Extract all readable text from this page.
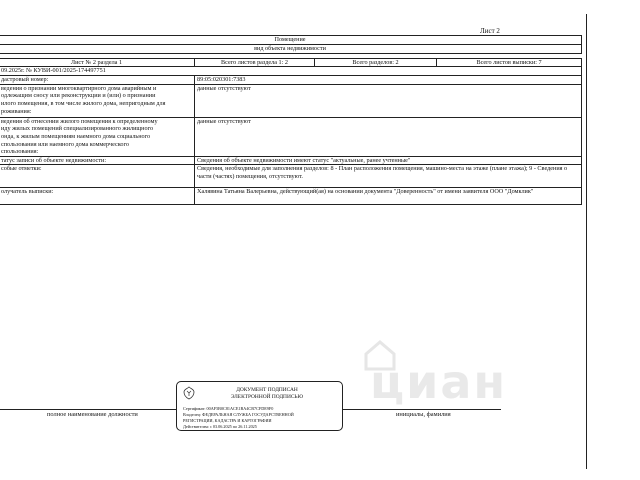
Лист 2
Помещение			
вид объекта недвижимости			

Лист № 2 раздела 1	Всего листов раздела 1: 2	Всего разделов: 2	Всего листов выписки: 7
09.2025г. № КУВИ-001/2025-174497751			
дастровый номер:	89:05:020301:7383		
ведения о признании многоквартирного дома аварийным и
одлежащим сносу или реконструкции и (или) о признании
илого помещения, в том числе жилого дома, непригодным для
роживания:	данные отсутствуют		
ведения об отнесении жилого помещения к определенному
иду жилых помещений специализированного жилищного
онда, к жилым помещениям наемного дома социального
спользования или наемного дома коммерческого
спользования:	данные отсутствуют		
татус записи об объекте недвижимости:	Сведения об объекте недвижимости имеют статус "актуальные, ранее учтенные"		
собые отметки:	Сведения, необходимые для заполнения разделов: 8 - План расположения помещения, машино-места на этаже (плане этажа); 9 - Сведения о части (частях) помещения, отсутствуют.		
олучатель выписки:	Халявина Татьяна Валерьевна, действующий(ая) на основании документа "Доверенность" от имени заявителя ООО "Домклик"		
циан
полное наименование должности	инициалы, фамилия
ДОКУМЕНТ ПОДПИСАН
ЭЛЕКТРОННОЙ ПОДПИСЬЮ
Сертификат: 00AF5B0C81ACE1BA4CB7CFDE9F0
Владелец: ФЕДЕРАЛЬНАЯ СЛУЖБА ГОСУДАРСТВЕННОЙ
РЕГИСТРАЦИИ, КАДАСТРА И КАРТОГРАФИИ
Действителен: с 03.06.2025 по 26.11.2025
